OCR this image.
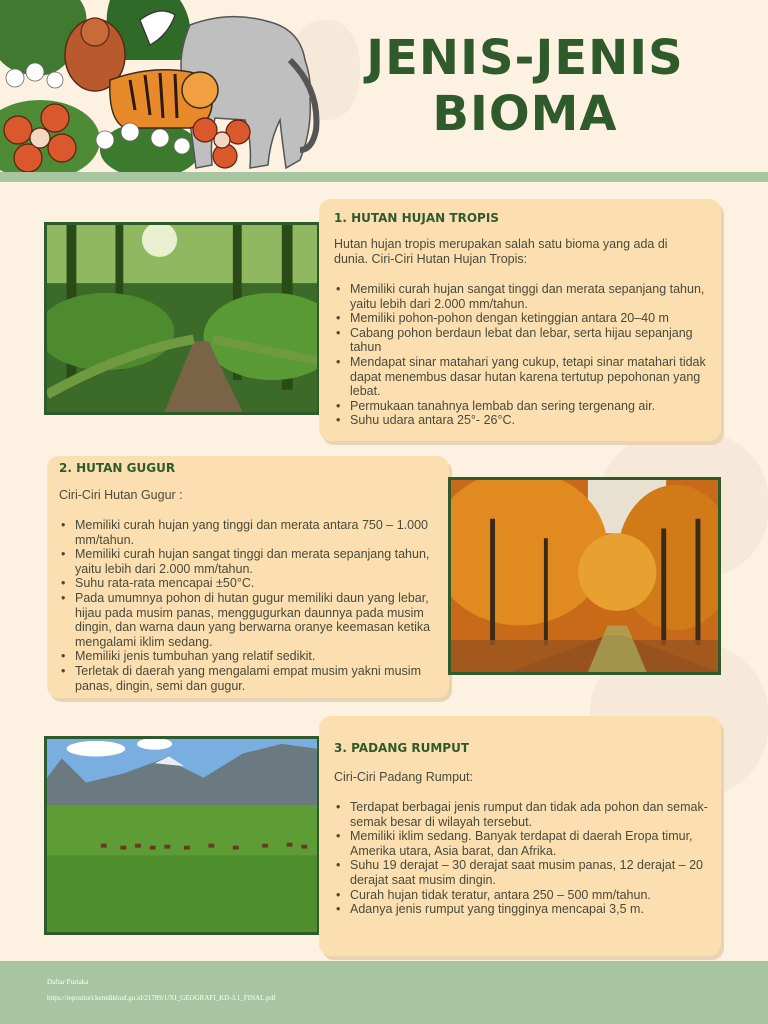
JENIS-JENIS
BIOMA
1. HUTAN HUJAN TROPIS

Hutan hujan tropis merupakan salah satu bioma yang ada di dunia. Ciri-Ciri Hutan Hujan Tropis:

• Memiliki curah hujan sangat tinggi dan merata sepanjang tahun, yaitu lebih dari 2.000 mm/tahun.
• Memiliki pohon-pohon dengan ketinggian antara 20–40 m
• Cabang pohon berdaun lebat dan lebar, serta hijau sepanjang tahun
• Mendapat sinar matahari yang cukup, tetapi sinar matahari tidak dapat menembus dasar hutan karena tertutup pepohonan yang lebat.
• Permukaan tanahnya lembab dan sering tergenang air.
• Suhu udara antara 25°- 26°C.
2. HUTAN GUGUR

Ciri-Ciri Hutan Gugur :

• Memiliki curah hujan yang tinggi dan merata antara 750 – 1.000 mm/tahun.
• Memiliki curah hujan sangat tinggi dan merata sepanjang tahun, yaitu lebih dari 2.000 mm/tahun.
• Suhu rata-rata mencapai ±50°C.
• Pada umumnya pohon di hutan gugur memiliki daun yang lebar, hijau pada musim panas, menggugurkan daunnya pada musim dingin, dan warna daun yang berwarna oranye keemasan ketika mengalami iklim sedang.
• Memiliki jenis tumbuhan yang relatif sedikit.
• Terletak di daerah yang mengalami empat musim yakni musim panas, dingin, semi dan gugur.
3. PADANG RUMPUT

Ciri-Ciri Padang Rumput:

• Terdapat berbagai jenis rumput dan tidak ada pohon dan semak-semak besar di wilayah tersebut.
• Memiliki iklim sedang. Banyak terdapat di daerah Eropa timur, Amerika utara, Asia barat, dan Afrika.
• Suhu 19 derajat – 30 derajat saat musim panas, 12 derajat – 20 derajat saat musim dingin.
• Curah hujan tidak teratur, antara 250 – 500 mm/tahun.
• Adanya jenis rumput yang tingginya mencapai 3,5 m.
Daftar Pustaka
https://repositori.kemdikbud.go.id/21789/1/XI_GEOGRAFI_KD-3.1_FINAL.pdf
